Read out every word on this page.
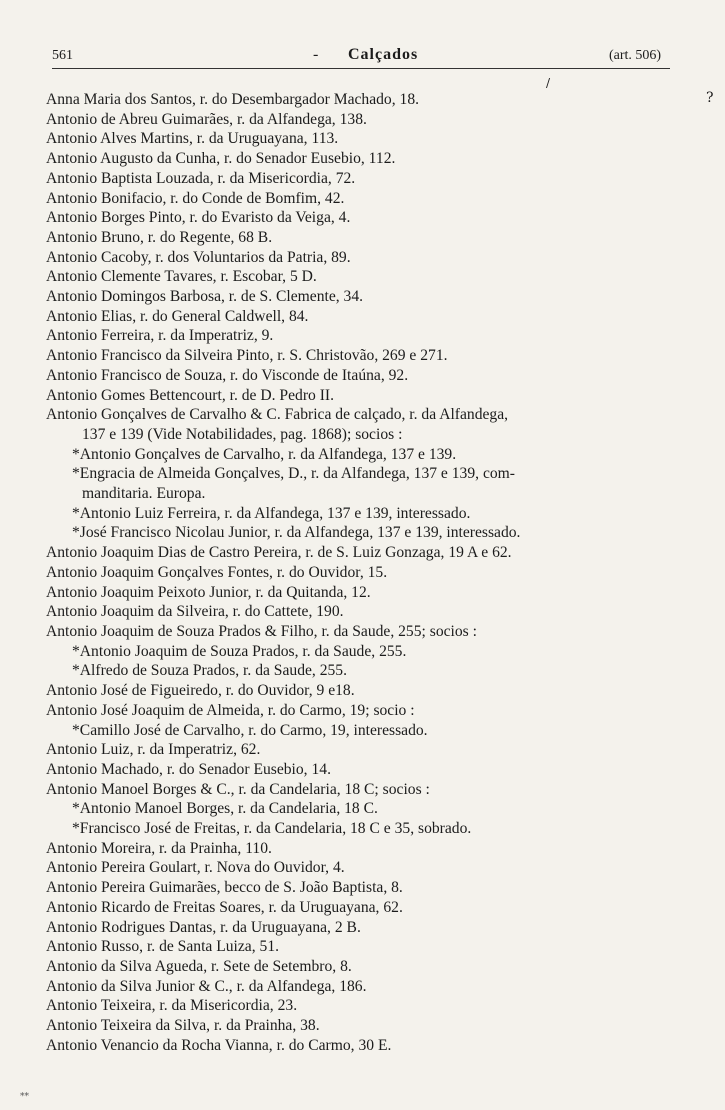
561	- Calçados	(art. 506)
/
?
Anna Maria dos Santos, r. do Desembargador Machado, 18.
Antonio de Abreu Guimarães, r. da Alfandega, 138.
Antonio Alves Martins, r. da Uruguayana, 113.
Antonio Augusto da Cunha, r. do Senador Eusebio, 112.
Antonio Baptista Louzada, r. da Misericordia, 72.
Antonio Bonifacio, r. do Conde de Bomfim, 42.
Antonio Borges Pinto, r. do Evaristo da Veiga, 4.
Antonio Bruno, r. do Regente, 68 B.
Antonio Cacoby, r. dos Voluntarios da Patria, 89.
Antonio Clemente Tavares, r. Escobar, 5 D.
Antonio Domingos Barbosa, r. de S. Clemente, 34.
Antonio Elias, r. do General Caldwell, 84.
Antonio Ferreira, r. da Imperatriz, 9.
Antonio Francisco da Silveira Pinto, r. S. Christovão, 269 e 271.
Antonio Francisco de Souza, r. do Visconde de Itaúna, 92.
Antonio Gomes Bettencourt, r. de D. Pedro II.
Antonio Gonçalves de Carvalho & C. Fabrica de calçado, r. da Alfandega,
137 e 139 (Vide Notabilidades, pag. 1868); socios :
*Antonio Gonçalves de Carvalho, r. da Alfandega, 137 e 139.
*Engracia de Almeida Gonçalves, D., r. da Alfandega, 137 e 139, com-
manditaria. Europa.
*Antonio Luiz Ferreira, r. da Alfandega, 137 e 139, interessado.
*José Francisco Nicolau Junior, r. da Alfandega, 137 e 139, interessado.
Antonio Joaquim Dias de Castro Pereira, r. de S. Luiz Gonzaga, 19 A e 62.
Antonio Joaquim Gonçalves Fontes, r. do Ouvidor, 15.
Antonio Joaquim Peixoto Junior, r. da Quitanda, 12.
Antonio Joaquim da Silveira, r. do Cattete, 190.
Antonio Joaquim de Souza Prados & Filho, r. da Saude, 255; socios :
*Antonio Joaquim de Souza Prados, r. da Saude, 255.
*Alfredo de Souza Prados, r. da Saude, 255.
Antonio José de Figueiredo, r. do Ouvidor, 9 e18.
Antonio José Joaquim de Almeida, r. do Carmo, 19; socio :
*Camillo José de Carvalho, r. do Carmo, 19, interessado.
Antonio Luiz, r. da Imperatriz, 62.
Antonio Machado, r. do Senador Eusebio, 14.
Antonio Manoel Borges & C., r. da Candelaria, 18 C; socios :
*Antonio Manoel Borges, r. da Candelaria, 18 C.
*Francisco José de Freitas, r. da Candelaria, 18 C e 35, sobrado.
Antonio Moreira, r. da Prainha, 110.
Antonio Pereira Goulart, r. Nova do Ouvidor, 4.
Antonio Pereira Guimarães, becco de S. João Baptista, 8.
Antonio Ricardo de Freitas Soares, r. da Uruguayana, 62.
Antonio Rodrigues Dantas, r. da Uruguayana, 2 B.
Antonio Russo, r. de Santa Luiza, 51.
Antonio da Silva Agueda, r. Sete de Setembro, 8.
Antonio da Silva Junior & C., r. da Alfandega, 186.
Antonio Teixeira, r. da Misericordia, 23.
Antonio Teixeira da Silva, r. da Prainha, 38.
Antonio Venancio da Rocha Vianna, r. do Carmo, 30 E.
**
